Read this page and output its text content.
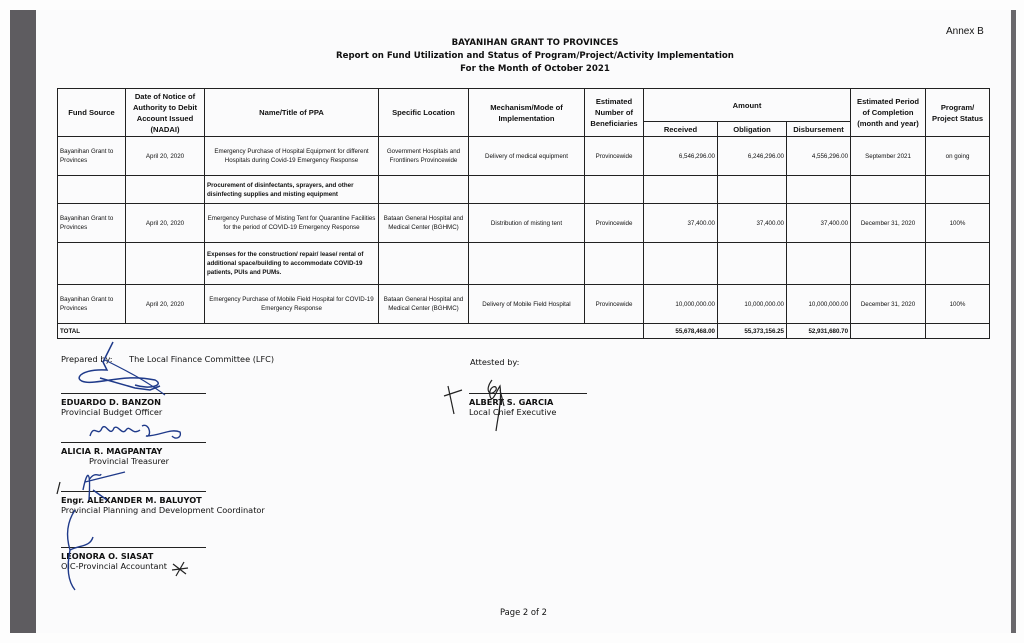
Annex B
BAYANIHAN GRANT TO PROVINCES
Report on Fund Utilization and Status of Program/Project/Activity Implementation
For the Month of October 2021
Fund Source	Date of Notice of Authority to Debit Account Issued (NADAI)	Name/Title of PPA	Specific Location	Mechanism/Mode of Implementation	Estimated Number of Beneficiaries	Amount			Estimated Period of Completion (month and year)	Program/ Project Status
						Received	Obligation	Disbursement		
Bayanihan Grant to Provinces	April 20, 2020	Emergency Purchase of Hospital Equipment for different Hospitals during Covid-19 Emergency Response	Government Hospitals and Frontliners Provincewide	Delivery of medical equipment	Provincewide	6,546,296.00	6,246,296.00	4,556,296.00	September 2021	on going
		Procurement of disinfectants, sprayers, and other disinfecting supplies and misting equipment								
Bayanihan Grant to Provinces	April 20, 2020	Emergency Purchase of Misting Tent for Quarantine Facilities for the period of COVID-19 Emergency Response	Bataan General Hospital and Medical Center (BGHMC)	Distribution of misting tent	Provincewide	37,400.00	37,400.00	37,400.00	December 31, 2020	100%
		Expenses for the construction/ repair/ lease/ rental of additional space/building to accommodate COVID-19 patients, PUIs and PUMs.								
Bayanihan Grant to Provinces	April 20, 2020	Emergency Purchase of Mobile Field Hospital for COVID-19 Emergency Response	Bataan General Hospital and Medical Center (BGHMC)	Delivery of Mobile Field Hospital	Provincewide	10,000,000.00	10,000,000.00	10,000,000.00	December 31, 2020	100%
TOTAL						55,678,468.00	55,373,156.25	52,931,680.70		
Prepared by: The Local Finance Committee (LFC)
EDUARDO D. BANZON
Provincial Budget Officer
ALICIA R. MAGPANTAY
Provincial Treasurer
Engr. ALEXANDER M. BALUYOT
Provincial Planning and Development Coordinator
LEONORA O. SIASAT
OIC-Provincial Accountant
Attested by:
ALBERT S. GARCIA
Local Chief Executive
Page 2 of 2
